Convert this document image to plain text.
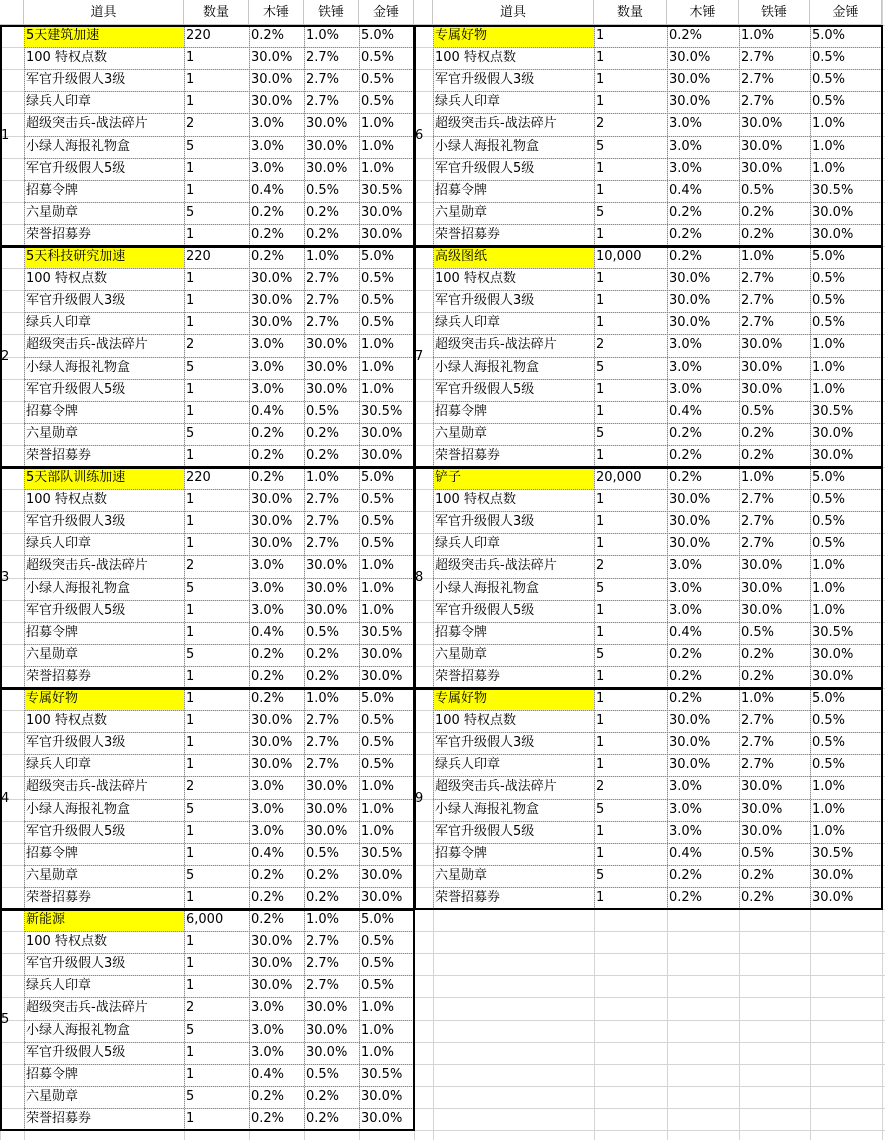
道具	数量	木锤	铁锤	金锤	道具	数量	木锤	铁锤	金锤
1
5天建筑加速	220	0.2%	1.0%	5.0%
100 特权点数	1	30.0%	2.7%	0.5%
军官升级假人3级	1	30.0%	2.7%	0.5%
绿兵人印章	1	30.0%	2.7%	0.5%
超级突击兵-战法碎片	2	3.0%	30.0%	1.0%
小绿人海报礼物盒	5	3.0%	30.0%	1.0%
军官升级假人5级	1	3.0%	30.0%	1.0%
招募令牌	1	0.4%	0.5%	30.5%
六星勋章	5	0.2%	0.2%	30.0%
荣誉招募券	1	0.2%	0.2%	30.0%
2
5天科技研究加速	220	0.2%	1.0%	5.0%
100 特权点数	1	30.0%	2.7%	0.5%
军官升级假人3级	1	30.0%	2.7%	0.5%
绿兵人印章	1	30.0%	2.7%	0.5%
超级突击兵-战法碎片	2	3.0%	30.0%	1.0%
小绿人海报礼物盒	5	3.0%	30.0%	1.0%
军官升级假人5级	1	3.0%	30.0%	1.0%
招募令牌	1	0.4%	0.5%	30.5%
六星勋章	5	0.2%	0.2%	30.0%
荣誉招募券	1	0.2%	0.2%	30.0%
3
5天部队训练加速	220	0.2%	1.0%	5.0%
100 特权点数	1	30.0%	2.7%	0.5%
军官升级假人3级	1	30.0%	2.7%	0.5%
绿兵人印章	1	30.0%	2.7%	0.5%
超级突击兵-战法碎片	2	3.0%	30.0%	1.0%
小绿人海报礼物盒	5	3.0%	30.0%	1.0%
军官升级假人5级	1	3.0%	30.0%	1.0%
招募令牌	1	0.4%	0.5%	30.5%
六星勋章	5	0.2%	0.2%	30.0%
荣誉招募券	1	0.2%	0.2%	30.0%
4
专属好物	1	0.2%	1.0%	5.0%
100 特权点数	1	30.0%	2.7%	0.5%
军官升级假人3级	1	30.0%	2.7%	0.5%
绿兵人印章	1	30.0%	2.7%	0.5%
超级突击兵-战法碎片	2	3.0%	30.0%	1.0%
小绿人海报礼物盒	5	3.0%	30.0%	1.0%
军官升级假人5级	1	3.0%	30.0%	1.0%
招募令牌	1	0.4%	0.5%	30.5%
六星勋章	5	0.2%	0.2%	30.0%
荣誉招募券	1	0.2%	0.2%	30.0%
5
新能源	6,000	0.2%	1.0%	5.0%
100 特权点数	1	30.0%	2.7%	0.5%
军官升级假人3级	1	30.0%	2.7%	0.5%
绿兵人印章	1	30.0%	2.7%	0.5%
超级突击兵-战法碎片	2	3.0%	30.0%	1.0%
小绿人海报礼物盒	5	3.0%	30.0%	1.0%
军官升级假人5级	1	3.0%	30.0%	1.0%
招募令牌	1	0.4%	0.5%	30.5%
六星勋章	5	0.2%	0.2%	30.0%
荣誉招募券	1	0.2%	0.2%	30.0%
6
专属好物	1	0.2%	1.0%	5.0%
100 特权点数	1	30.0%	2.7%	0.5%
军官升级假人3级	1	30.0%	2.7%	0.5%
绿兵人印章	1	30.0%	2.7%	0.5%
超级突击兵-战法碎片	2	3.0%	30.0%	1.0%
小绿人海报礼物盒	5	3.0%	30.0%	1.0%
军官升级假人5级	1	3.0%	30.0%	1.0%
招募令牌	1	0.4%	0.5%	30.5%
六星勋章	5	0.2%	0.2%	30.0%
荣誉招募券	1	0.2%	0.2%	30.0%
7
高级图纸	10,000	0.2%	1.0%	5.0%
100 特权点数	1	30.0%	2.7%	0.5%
军官升级假人3级	1	30.0%	2.7%	0.5%
绿兵人印章	1	30.0%	2.7%	0.5%
超级突击兵-战法碎片	2	3.0%	30.0%	1.0%
小绿人海报礼物盒	5	3.0%	30.0%	1.0%
军官升级假人5级	1	3.0%	30.0%	1.0%
招募令牌	1	0.4%	0.5%	30.5%
六星勋章	5	0.2%	0.2%	30.0%
荣誉招募券	1	0.2%	0.2%	30.0%
8
铲子	20,000	0.2%	1.0%	5.0%
100 特权点数	1	30.0%	2.7%	0.5%
军官升级假人3级	1	30.0%	2.7%	0.5%
绿兵人印章	1	30.0%	2.7%	0.5%
超级突击兵-战法碎片	2	3.0%	30.0%	1.0%
小绿人海报礼物盒	5	3.0%	30.0%	1.0%
军官升级假人5级	1	3.0%	30.0%	1.0%
招募令牌	1	0.4%	0.5%	30.5%
六星勋章	5	0.2%	0.2%	30.0%
荣誉招募券	1	0.2%	0.2%	30.0%
9
专属好物	1	0.2%	1.0%	5.0%
100 特权点数	1	30.0%	2.7%	0.5%
军官升级假人3级	1	30.0%	2.7%	0.5%
绿兵人印章	1	30.0%	2.7%	0.5%
超级突击兵-战法碎片	2	3.0%	30.0%	1.0%
小绿人海报礼物盒	5	3.0%	30.0%	1.0%
军官升级假人5级	1	3.0%	30.0%	1.0%
招募令牌	1	0.4%	0.5%	30.5%
六星勋章	5	0.2%	0.2%	30.0%
荣誉招募券	1	0.2%	0.2%	30.0%
